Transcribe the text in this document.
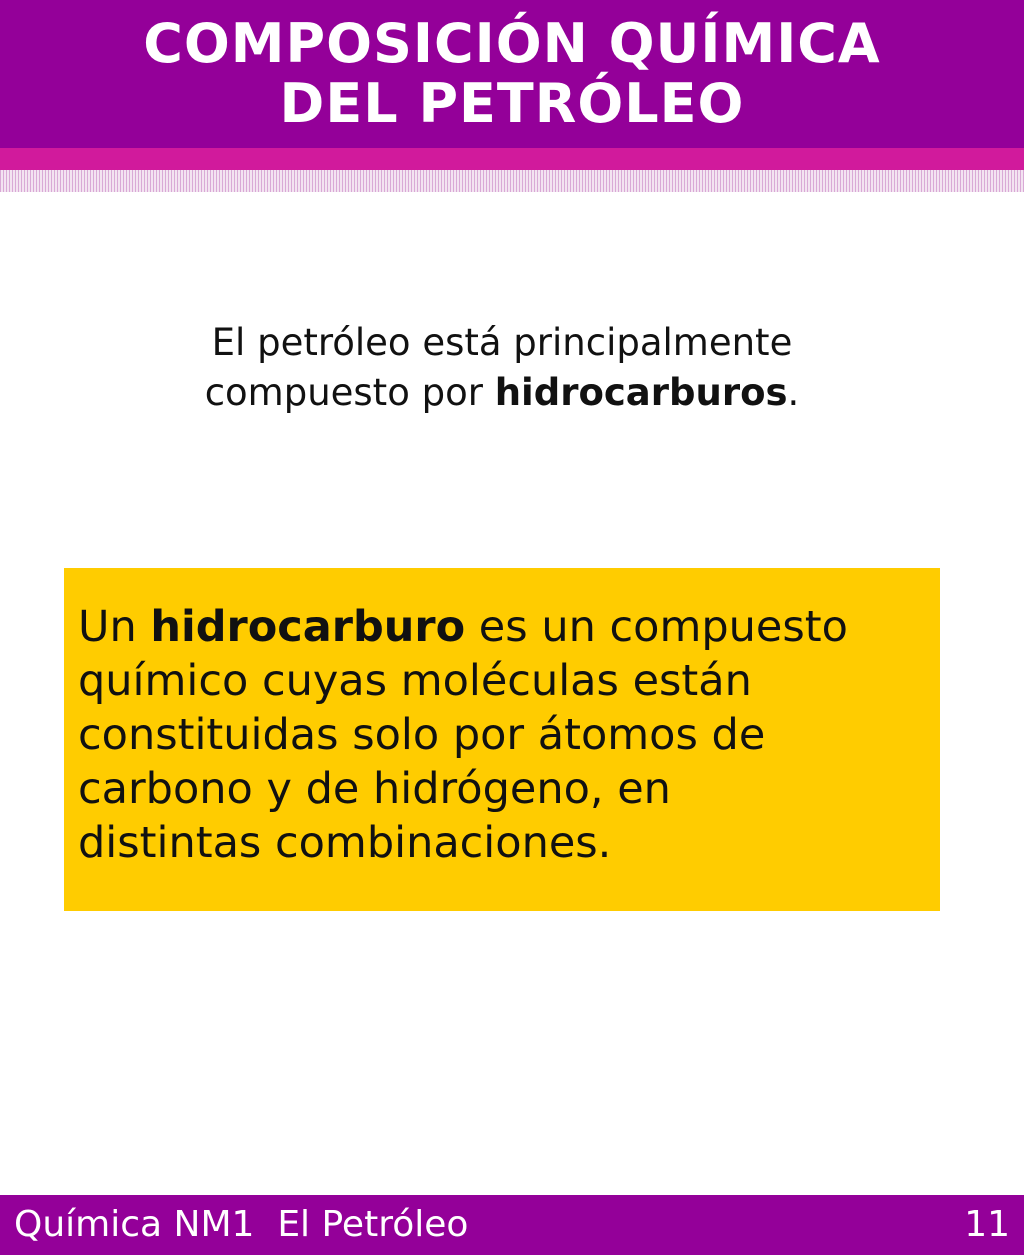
COMPOSICIÓN QUÍMICA
DEL PETRÓLEO
El petróleo está principalmente
compuesto por hidrocarburos.
Un hidrocarburo es un compuesto
químico cuyas moléculas están
constituidas solo por átomos de
carbono y de hidrógeno, en
distintas combinaciones.
Química NM1 El Petróleo	11
